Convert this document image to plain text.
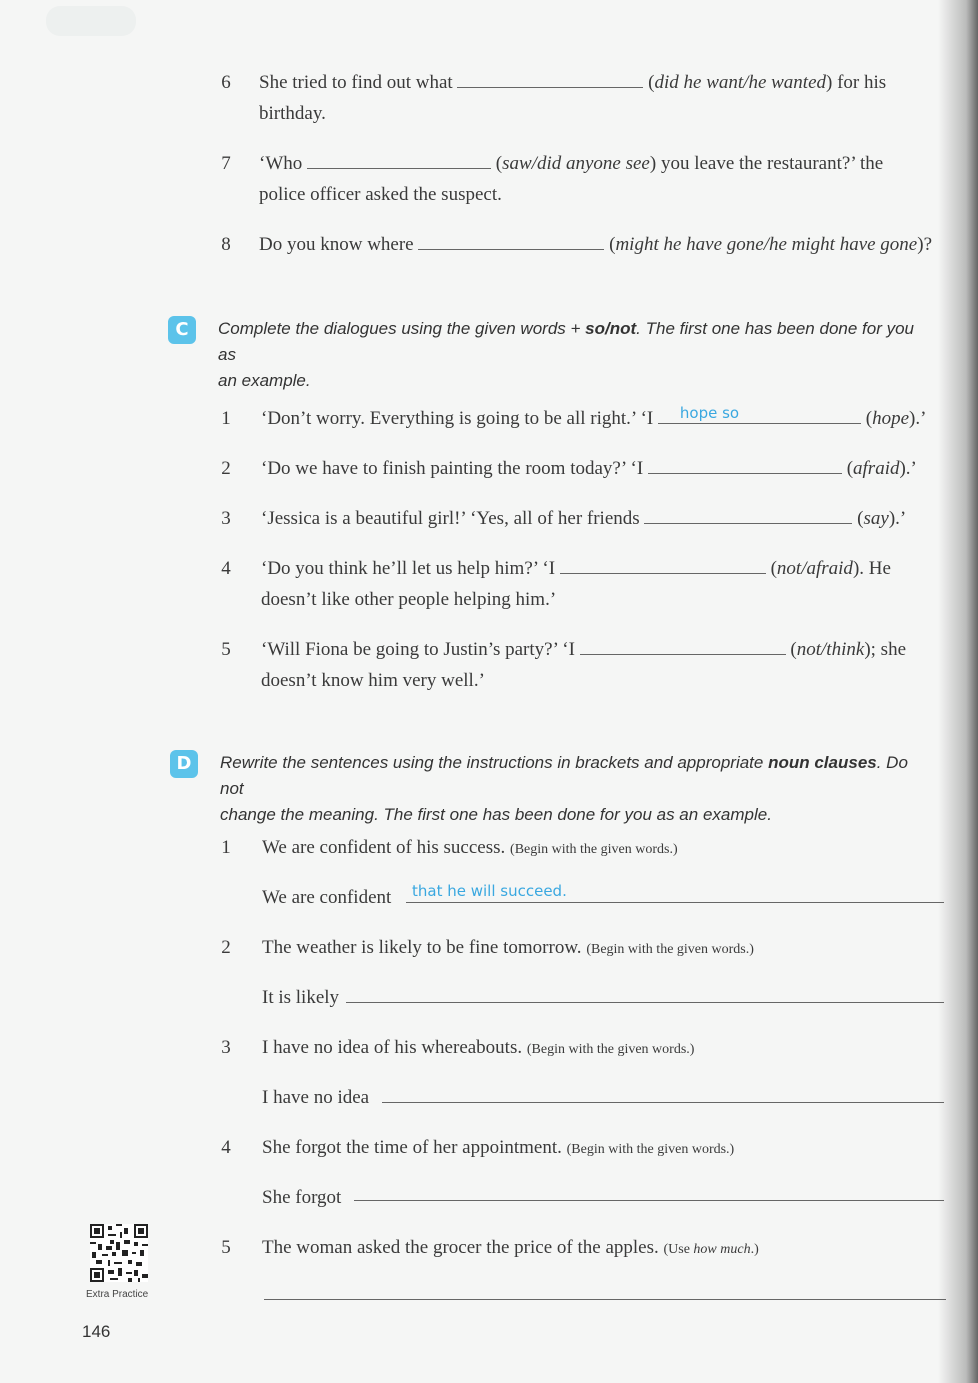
6 She tried to find out what	(did he want/he wanted) for his
birthday.
7 ‘Who	(saw/did anyone see) you leave the restaurant?’ the
police officer asked the suspect.
8 Do you know where	(might he have gone/he might have gone)?
C	Complete the dialogues using the given words + so/not. The first one has been done for you as
an example.
1 ‘Don’t worry. Everything is going to be all right.’ ‘I	hope so	(hope).’
2 ‘Do we have to finish painting the room today?’ ‘I	(afraid).’
3 ‘Jessica is a beautiful girl!’ ‘Yes, all of her friends	(say).’
4 ‘Do you think he’ll let us help him?’ ‘I	(not/afraid). He
doesn’t like other people helping him.’
5 ‘Will Fiona be going to Justin’s party?’ ‘I	(not/think); she
doesn’t know him very well.’
D	Rewrite the sentences using the instructions in brackets and appropriate noun clauses. Do not
change the meaning. The first one has been done for you as an example.
1 We are confident of his success. (Begin with the given words.)
We are confident that he will succeed.
2 The weather is likely to be fine tomorrow. (Begin with the given words.)
It is likely
3 I have no idea of his whereabouts. (Begin with the given words.)
I have no idea
4 She forgot the time of her appointment. (Begin with the given words.)
She forgot
5 The woman asked the grocer the price of the apples. (Use how much.)
Extra Practice
146
